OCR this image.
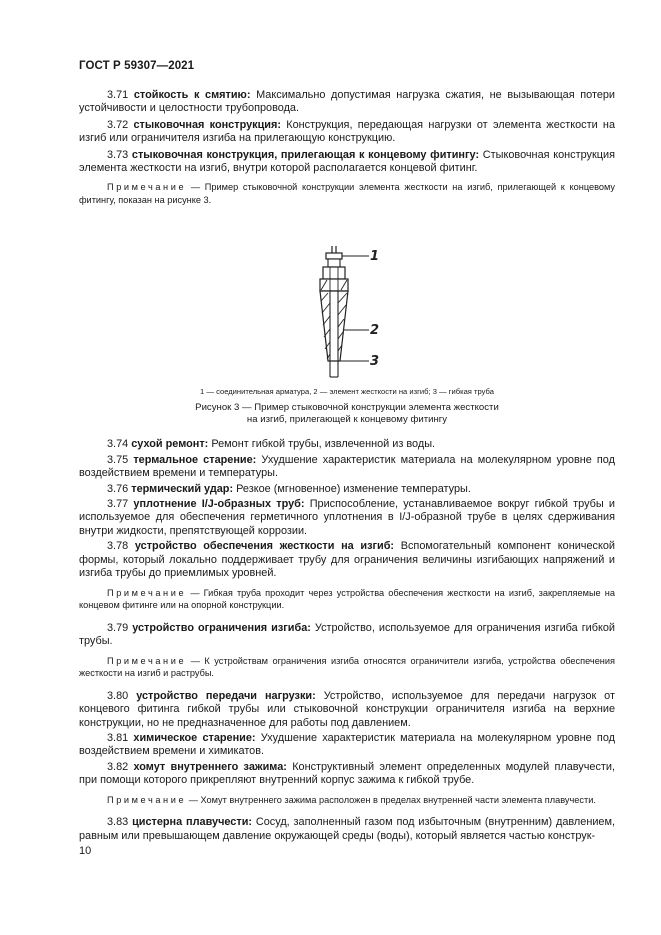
ГОСТ Р 59307—2021

3.71 стойкость к смятию: Максимально допустимая нагрузка сжатия, не вызывающая потери устойчивости и целостности трубопровода.

3.72 стыковочная конструкция: Конструкция, передающая нагрузки от элемента жесткости на изгиб или ограничителя изгиба на прилегающую конструкцию.

3.73 стыковочная конструкция, прилегающая к концевому фитингу: Стыковочная конструкция элемента жесткости на изгиб, внутри которой располагается концевой фитинг.

Примечание — Пример стыковочной конструкции элемента жесткости на изгиб, прилегающей к концевому фитингу, показан на рисунке 3.

1
2
3
1 — соединительная арматура, 2 — элемент жесткости на изгиб; 3 — гибкая труба
Рисунок 3 — Пример стыковочной конструкции элемента жесткости
на изгиб, прилегающей к концевому фитингу

3.74 сухой ремонт: Ремонт гибкой трубы, извлеченной из воды.

3.75 термальное старение: Ухудшение характеристик материала на молекулярном уровне под воздействием времени и температуры.

3.76 термический удар: Резкое (мгновенное) изменение температуры.

3.77 уплотнение I/J-образных труб: Приспособление, устанавливаемое вокруг гибкой трубы и используемое для обеспечения герметичного уплотнения в I/J-образной трубе в целях сдерживания внутри жидкости, препятствующей коррозии.

3.78 устройство обеспечения жесткости на изгиб: Вспомогательный компонент конической формы, который локально поддерживает трубу для ограничения величины изгибающих напряжений и изгиба трубы до приемлимых уровней.

Примечание — Гибкая труба проходит через устройства обеспечения жесткости на изгиб, закрепляемые на концевом фитинге или на опорной конструкции.

3.79 устройство ограничения изгиба: Устройство, используемое для ограничения изгиба гибкой трубы.

Примечание — К устройствам ограничения изгиба относятся ограничители изгиба, устройства обеспечения жесткости на изгиб и раструбы.

3.80 устройство передачи нагрузки: Устройство, используемое для передачи нагрузок от концевого фитинга гибкой трубы или стыковочной конструкции ограничителя изгиба на верхние конструкции, но не предназначенное для работы под давлением.

3.81 химическое старение: Ухудшение характеристик материала на молекулярном уровне под воздействием времени и химикатов.

3.82 хомут внутреннего зажима: Конструктивный элемент определенных модулей плавучести, при помощи которого прикрепляют внутренний корпус зажима к гибкой трубе.

Примечание — Хомут внутреннего зажима расположен в пределах внутренней части элемента плавучести.

3.83 цистерна плавучести: Сосуд, заполненный газом под избыточным (внутренним) давлением, равным или превышающем давление окружающей среды (воды), который является частью конструк-

10
